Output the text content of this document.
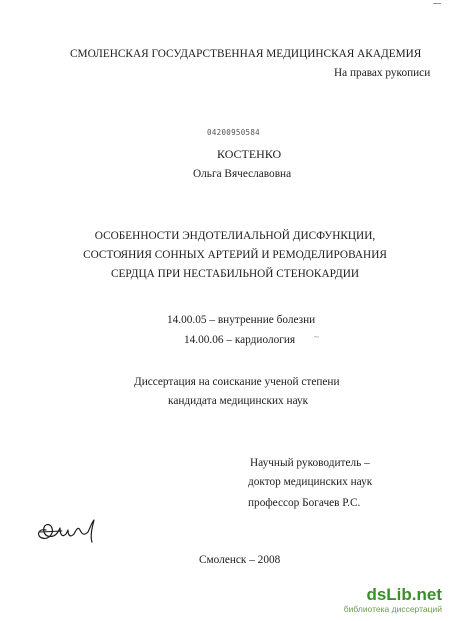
СМОЛЕНСКАЯ ГОСУДАРСТВЕННАЯ МЕДИЦИНСКАЯ АКАДЕМИЯ
На правах рукописи
04200950584
КОСТЕНКО
Ольга Вячеславовна
ОСОБЕННОСТИ ЭНДОТЕЛИАЛЬНОЙ ДИСФУНКЦИИ,
СОСТОЯНИЯ СОННЫХ АРТЕРИЙ И РЕМОДЕЛИРОВАНИЯ
СЕРДЦА ПРИ НЕСТАБИЛЬНОЙ СТЕНОКАРДИИ
14.00.05 – внутренние болезни
14.00.06 – кардиология ~
Диссертация на соискание ученой степени
кандидата медицинских наук
Научный руководитель –
доктор медицинских наук
профессор Богачев Р.С.
Смоленск – 2008
dsLib.net
библиотека диссертаций
